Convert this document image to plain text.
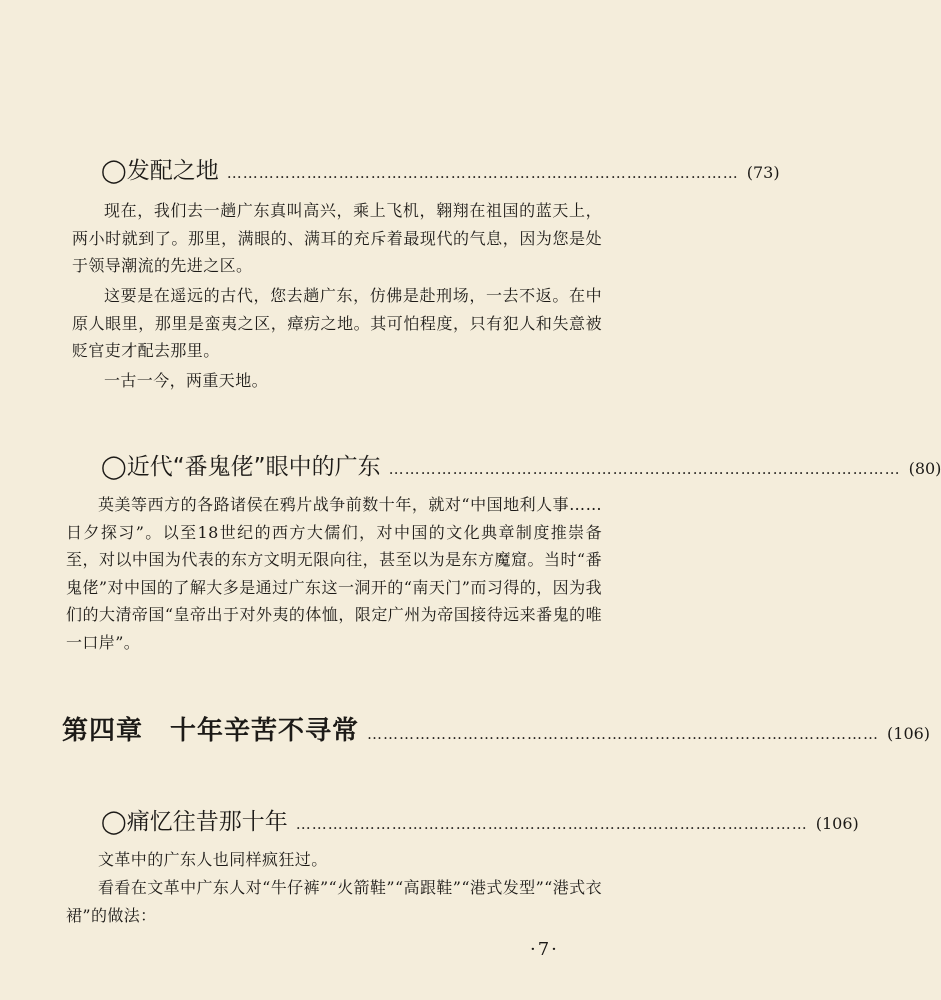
◯发配之地 …………………………………………………………………………………… (73)

现在，我们去一趟广东真叫高兴，乘上飞机，翱翔在祖国的蓝天上，两小时就到了。那里，满眼的、满耳的充斥着最现代的气息，因为您是处于领导潮流的先进之区。

这要是在遥远的古代，您去趟广东，仿佛是赴刑场，一去不返。在中原人眼里，那里是蛮夷之区，瘴疠之地。其可怕程度，只有犯人和失意被贬官吏才配去那里。

一古一今，两重天地。

◯近代“番鬼佬”眼中的广东 …………………………………………………………………………………… (80)

英美等西方的各路诸侯在鸦片战争前数十年，就对“中国地利人事……日夕探习”。以至18世纪的西方大儒们，对中国的文化典章制度推崇备至，对以中国为代表的东方文明无限向往，甚至以为是东方魔窟。当时“番鬼佬”对中国的了解大多是通过广东这一洞开的“南天门”而习得的，因为我们的大清帝国“皇帝出于对外夷的体恤，限定广州为帝国接待远来番鬼的唯一口岸”。

第四章　十年辛苦不寻常 …………………………………………………………………………………… (106)
◯痛忆往昔那十年 …………………………………………………………………………………… (106)

文革中的广东人也同样疯狂过。

看看在文革中广东人对“牛仔裤”“火箭鞋”“高跟鞋”“港式发型”“港式衣裙”的做法：

·7·
